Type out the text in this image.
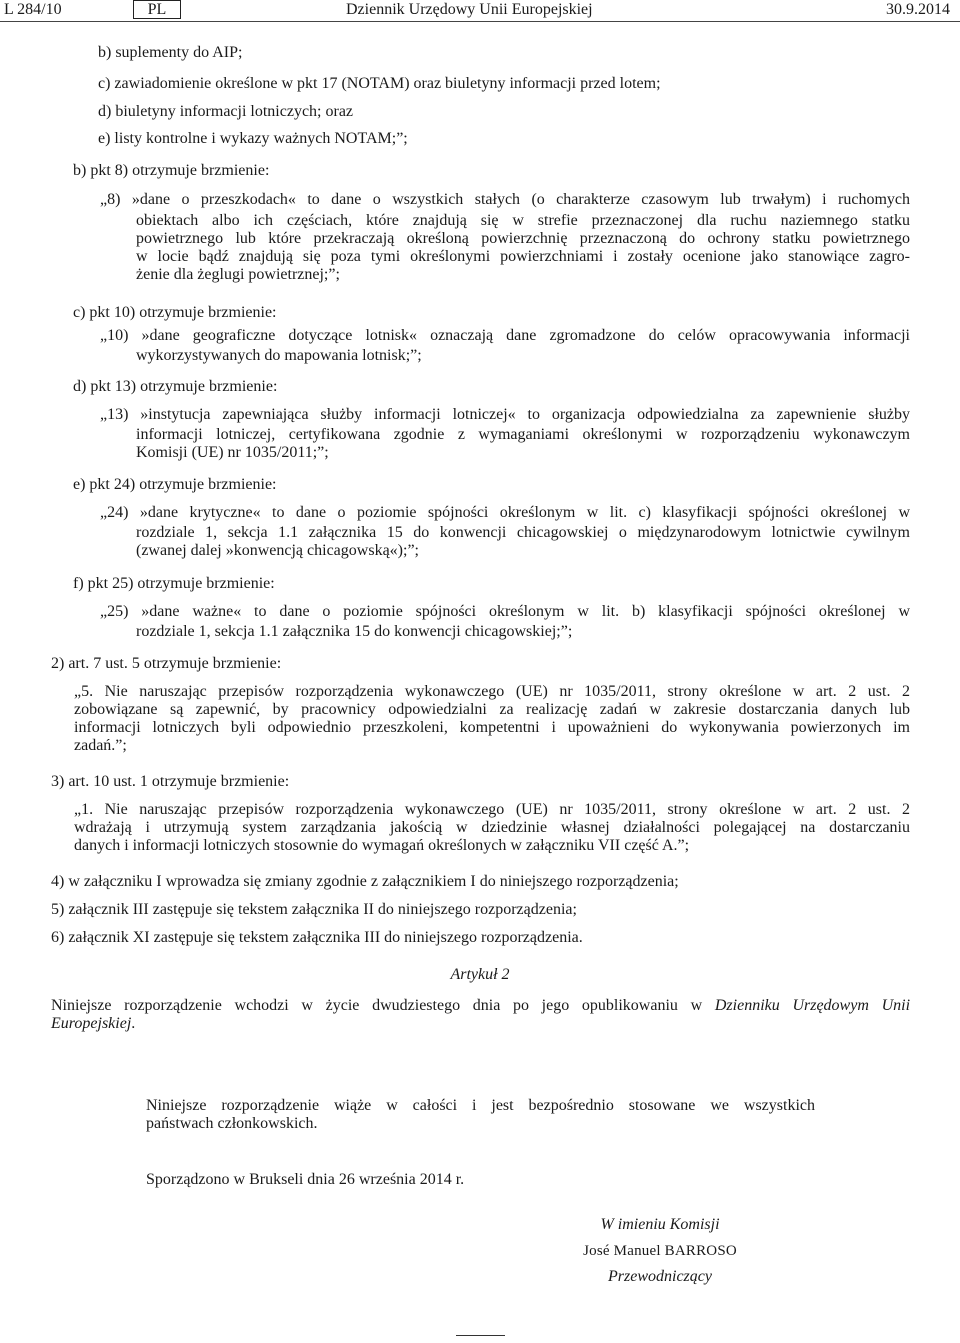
L 284/10	PL	Dziennik Urzędowy Unii Europejskiej	30.9.2014
b) suplementy do AIP;
c) zawiadomienie określone w pkt 17 (NOTAM) oraz biuletyny informacji przed lotem;
d) biuletyny informacji lotniczych; oraz
e) listy kontrolne i wykazy ważnych NOTAM;”;
b) pkt 8) otrzymuje brzmienie:
„8) »dane o przeszkodach« to dane o wszystkich stałych (o charakterze czasowym lub trwałym) i ruchomych
obiektach albo ich częściach, które znajdują się w strefie przeznaczonej dla ruchu naziemnego statku
powietrznego lub które przekraczają określoną powierzchnię przeznaczoną do ochrony statku powietrznego
w locie bądź znajdują się poza tymi określonymi powierzchniami i zostały ocenione jako stanowiące zagro-
żenie dla żeglugi powietrznej;”;
c) pkt 10) otrzymuje brzmienie:
„10) »dane geograficzne dotyczące lotnisk« oznaczają dane zgromadzone do celów opracowywania informacji
wykorzystywanych do mapowania lotnisk;”;
d) pkt 13) otrzymuje brzmienie:
„13) »instytucja zapewniająca służby informacji lotniczej« to organizacja odpowiedzialna za zapewnienie służby
informacji lotniczej, certyfikowana zgodnie z wymaganiami określonymi w rozporządzeniu wykonawczym
Komisji (UE) nr 1035/2011;”;
e) pkt 24) otrzymuje brzmienie:
„24) »dane krytyczne« to dane o poziomie spójności określonym w lit. c) klasyfikacji spójności określonej w
rozdziale 1, sekcja 1.1 załącznika 15 do konwencji chicagowskiej o międzynarodowym lotnictwie cywilnym
(zwanej dalej »konwencją chicagowską«);”;
f) pkt 25) otrzymuje brzmienie:
„25) »dane ważne« to dane o poziomie spójności określonym w lit. b) klasyfikacji spójności określonej w
rozdziale 1, sekcja 1.1 załącznika 15 do konwencji chicagowskiej;”;
2) art. 7 ust. 5 otrzymuje brzmienie:
„5. Nie naruszając przepisów rozporządzenia wykonawczego (UE) nr 1035/2011, strony określone w art. 2 ust. 2
zobowiązane są zapewnić, by pracownicy odpowiedzialni za realizację zadań w zakresie dostarczania danych lub
informacji lotniczych byli odpowiednio przeszkoleni, kompetentni i upoważnieni do wykonywania powierzonych im
zadań.”;
3) art. 10 ust. 1 otrzymuje brzmienie:
„1. Nie naruszając przepisów rozporządzenia wykonawczego (UE) nr 1035/2011, strony określone w art. 2 ust. 2
wdrażają i utrzymują system zarządzania jakością w dziedzinie własnej działalności polegającej na dostarczaniu
danych i informacji lotniczych stosownie do wymagań określonych w załączniku VII część A.”;
4) w załączniku I wprowadza się zmiany zgodnie z załącznikiem I do niniejszego rozporządzenia;
5) załącznik III zastępuje się tekstem załącznika II do niniejszego rozporządzenia;
6) załącznik XI zastępuje się tekstem załącznika III do niniejszego rozporządzenia.
Artykuł 2
Niniejsze rozporządzenie wchodzi w życie dwudziestego dnia po jego opublikowaniu w Dzienniku Urzędowym Unii
Europejskiej.
Niniejsze rozporządzenie wiąże w całości i jest bezpośrednio stosowane we wszystkich
państwach członkowskich.
Sporządzono w Brukseli dnia 26 września 2014 r.
W imieniu Komisji
José Manuel BARROSO
Przewodniczący
